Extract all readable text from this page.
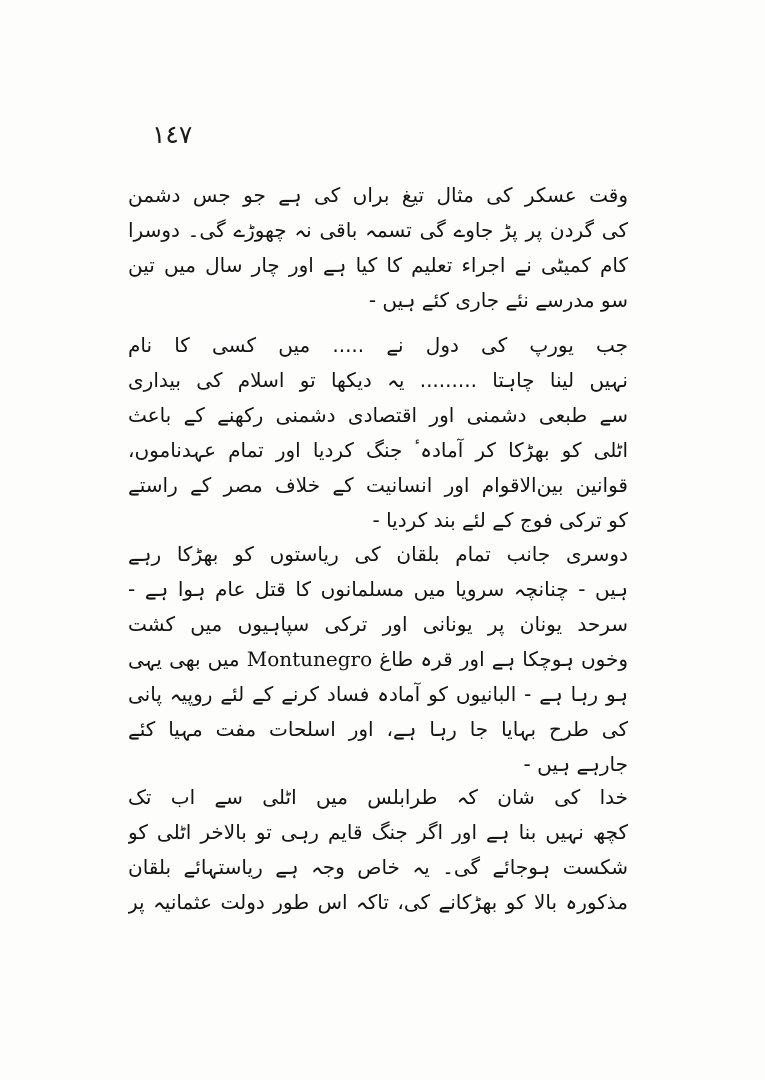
١٤٧

وقت عسکر کی مثال تیغ براں کی ہے جو جس دشمن
کی گردن پر پڑ جاوے گی تسمہ باقی نہ چھوڑے گی۔ دوسرا
کام کمیٹی نے اجراء تعلیم کا کیا ہے اور چار سال میں تین
سو مدرسے نئے جاری کئے ہیں -

جب یورپ کی دول نے ..... میں کسی کا نام
نہیں لینا چاہتا ......... یہ دیکھا تو اسلام کی بیداری
سے طبعی دشمنی اور اقتصادی دشمنی رکھنے کے باعث
اٹلی کو بھڑکا کر آمادہٴ جنگ کردیا اور تمام عہدناموں،
قوانین بین‌الاقوام اور انسانیت کے خلاف مصر کے راستے
کو ترکی فوج کے لئے بند کردیا -

دوسری جانب تمام بلقان کی ریاستوں کو بھڑکا رہے
ہیں - چنانچہ سرویا میں مسلمانوں کا قتل عام ہوا ہے -
سرحد یونان پر یونانی اور ترکی سپاہیوں میں کشت
وخوں ہوچکا ہے اور قرہ طاغ Montunegro میں بھی یہی
ہو رہا ہے - البانیوں کو آمادہ فساد کرنے کے لئے روپیہ پانی
کی طرح بہایا جا رہا ہے، اور اسلحات مفت مہیا کئے
جارہے ہیں -

خدا کی شان کہ طرابلس میں اٹلی سے اب تک
کچھ نہیں بنا ہے اور اگر جنگ قایم رہی تو بالاخر اٹلی کو
شکست ہوجائے گی۔ یہ خاص وجہ ہے ریاستہائے بلقان
مذکورہ بالا کو بھڑکانے کی، تاکہ اس طور دولت عثمانیہ پر
